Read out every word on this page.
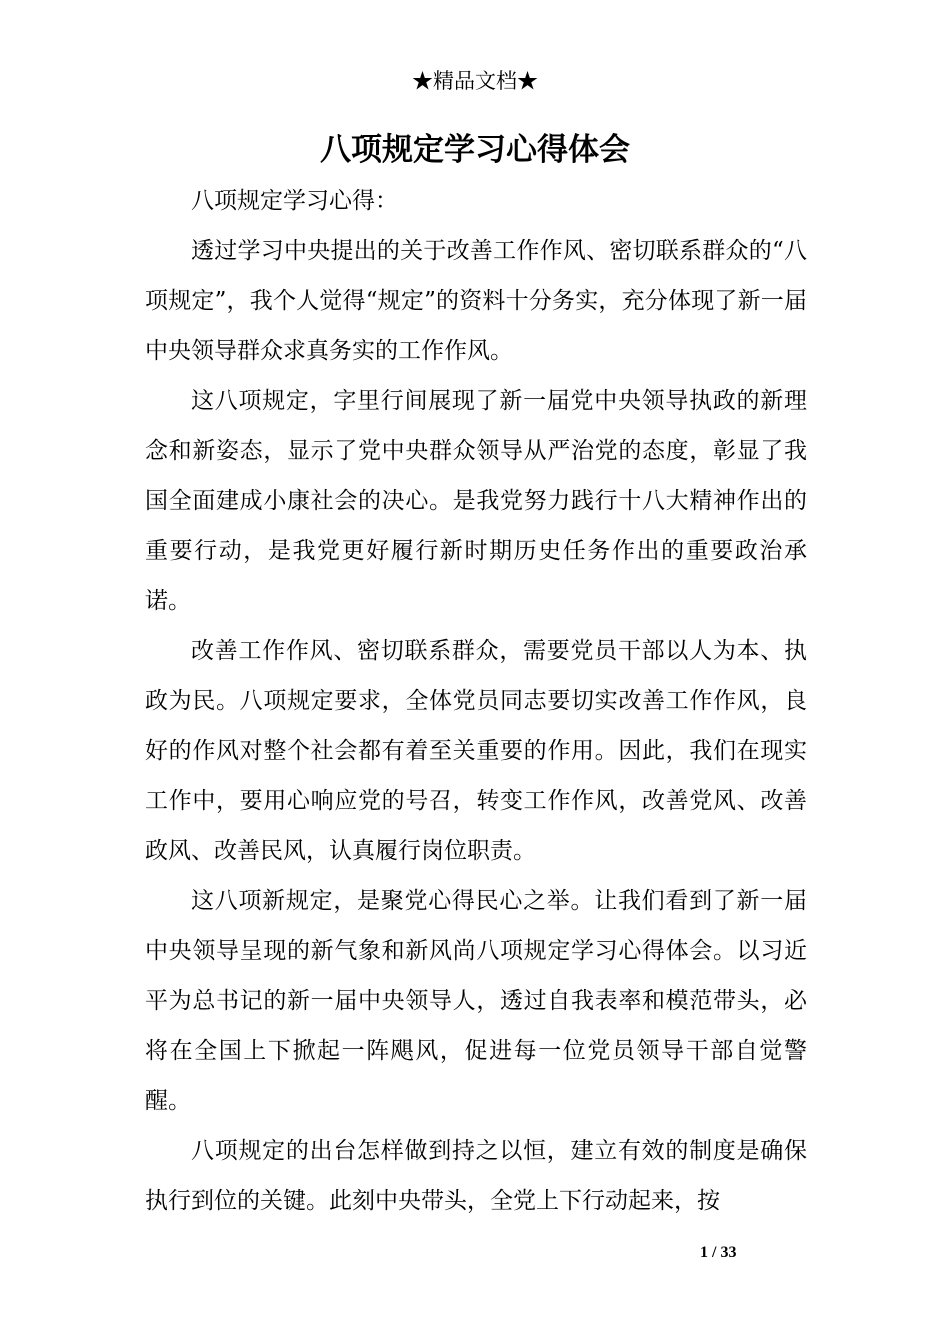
★精品文档★
八项规定学习心得体会

八项规定学习心得：

透过学习中央提出的关于改善工作作风、密切联系群众的“八项规定”，我个人觉得“规定”的资料十分务实，充分体现了新一届中央领导群众求真务实的工作作风。

这八项规定，字里行间展现了新一届党中央领导执政的新理念和新姿态，显示了党中央群众领导从严治党的态度，彰显了我国全面建成小康社会的决心。是我党努力践行十八大精神作出的重要行动，是我党更好履行新时期历史任务作出的重要政治承诺。

改善工作作风、密切联系群众，需要党员干部以人为本、执政为民。八项规定要求，全体党员同志要切实改善工作作风，良好的作风对整个社会都有着至关重要的作用。因此，我们在现实工作中，要用心响应党的号召，转变工作作风，改善党风、改善政风、改善民风，认真履行岗位职责。

这八项新规定，是聚党心得民心之举。让我们看到了新一届中央领导呈现的新气象和新风尚八项规定学习心得体会。以习近平为总书记的新一届中央领导人，透过自我表率和模范带头，必将在全国上下掀起一阵飓风，促进每一位党员领导干部自觉警醒。

八项规定的出台怎样做到持之以恒，建立有效的制度是确保执行到位的关键。此刻中央带头，全党上下行动起来，按

1 / 33
